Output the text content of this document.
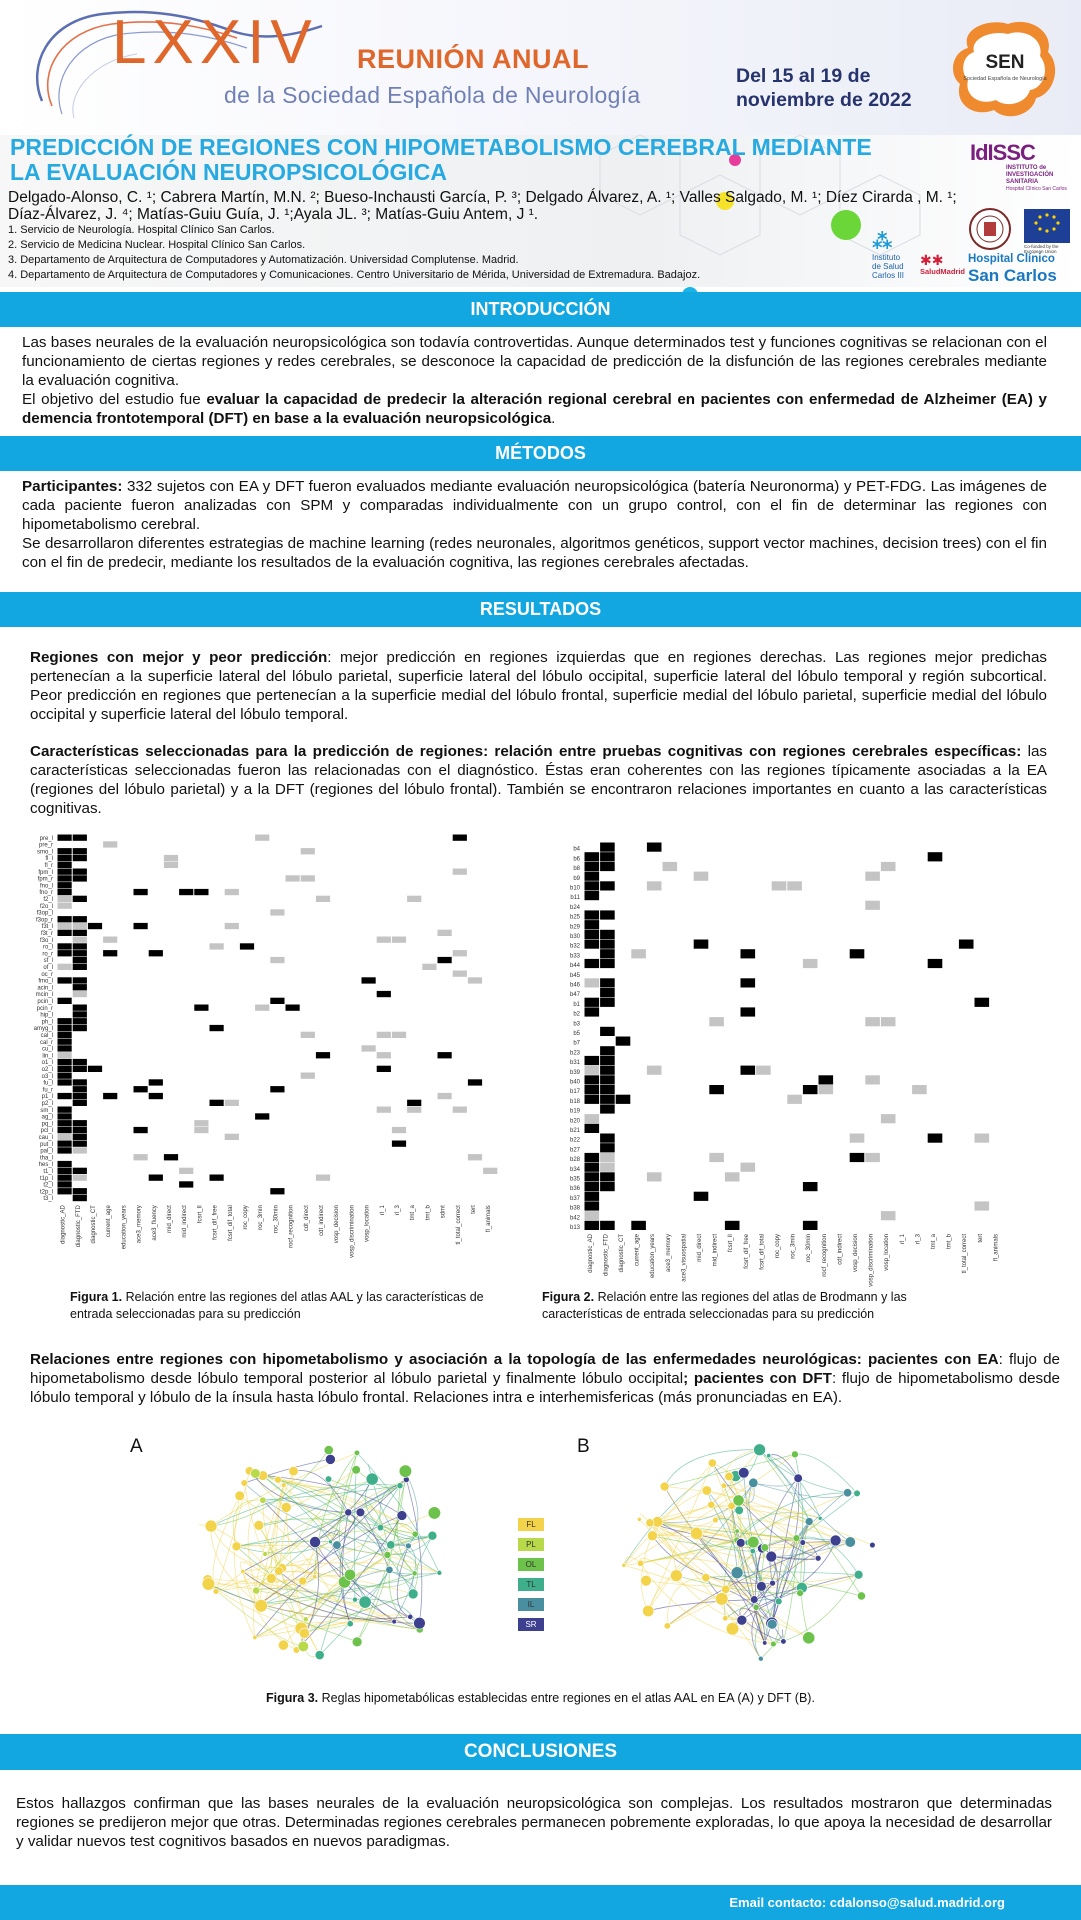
LXXIV REUNIÓN ANUAL
de la Sociedad Española de Neurología
Del 15 al 19 de
noviembre de 2022
SEN
Sociedad Española de Neurología
PREDICCIÓN DE REGIONES CON HIPOMETABOLISMO CEREBRAL MEDIANTE
LA EVALUACIÓN NEUROPSICOLÓGICA
Delgado-Alonso, C. ¹; Cabrera Martín, M.N. ²; Bueso-Inchausti García, P. ³; Delgado Álvarez, A. ¹; Valles Salgado, M. ¹; Díez Cirarda , M. ¹; Díaz-Álvarez, J. ⁴; Matías-Guiu Guía, J. ¹;Ayala JL. ³; Matías-Guiu Antem, J ¹.
1. Servicio de Neurología. Hospital Clínico San Carlos.
2. Servicio de Medicina Nuclear. Hospital Clínico San Carlos.
3. Departamento de Arquitectura de Computadores y Automatización. Universidad Complutense. Madrid.
4. Departamento de Arquitectura de Computadores y Comunicaciones. Centro Universitario de Mérida, Universidad de Extremadura. Badajoz.
IdISSC
INSTITUTO de
INVESTIGACIÓN SANITARIA
Hospital Clínico San Carlos
Co-funded by the European Union
⁂
Instituto
de Salud
Carlos III
✱✱
SaludMadrid
Hospital Clínico
San Carlos
INTRODUCCIÓN

Las bases neurales de la evaluación neuropsicológica son todavía controvertidas. Aunque determinados test y funciones cognitivas se relacionan con el funcionamiento de ciertas regiones y redes cerebrales, se desconoce la capacidad de predicción de la disfunción de las regiones cerebrales mediante la evaluación cognitiva.

El objetivo del estudio fue evaluar la capacidad de predecir la alteración regional cerebral en pacientes con enfermedad de Alzheimer (EA) y demencia frontotemporal (DFT) en base a la evaluación neuropsicológica.

MÉTODOS

Participantes: 332 sujetos con EA y DFT fueron evaluados mediante evaluación neuropsicológica (batería Neuronorma) y PET-FDG. Las imágenes de cada paciente fueron analizadas con SPM y comparadas individualmente con un grupo control, con el fin de determinar las regiones con hipometabolismo cerebral.

Se desarrollaron diferentes estrategias de machine learning (redes neuronales, algoritmos genéticos, support vector machines, decision trees) con el fin con el fin de predecir, mediante los resultados de la evaluación cognitiva, las regiones cerebrales afectadas.

RESULTADOS
Regiones con mejor y peor predicción: mejor predicción en regiones izquierdas que en regiones derechas. Las regiones mejor predichas pertenecían a la superficie lateral del lóbulo parietal, superficie lateral del lóbulo occipital, superficie lateral del lóbulo temporal y región subcortical. Peor predicción en regiones que pertenecían a la superficie medial del lóbulo frontal, superficie medial del lóbulo parietal, superficie medial del lóbulo occipital y superficie lateral del lóbulo temporal.
Características seleccionadas para la predicción de regiones: relación entre pruebas cognitivas con regiones cerebrales específicas: las características seleccionadas fueron las relacionadas con el diagnóstico. Éstas eran coherentes con las regiones típicamente asociadas a la EA (regiones del lóbulo parietal) y a la DFT (regiones del lóbulo frontal). También se encontraron relaciones importantes en cuanto a las características cognitivas.
pre_l
pre_r
smo_l
fl_l
fl_r
fpm_l
fpm_r
fno_l
fno_r
f2_l
f2o_l
f3op_l
f3op_r
f3t_l
f3t_r
f3o_l
ro_l
ro_r
sf_l
of_l
oc_r
fmo_l
acin_l
mcin_l
pcin_l
pcin_r
hip_l
ph_l
amyg_l
cal_l
cal_r
cu_l
lin_l
o1_l
o2_l
o3_l
fu_l
fu_r
p1_l
p2_l
sm_l
ag_l
pq_l
pcl_l
cau_l
put_l
pal_l
tha_l
hes_l
t1_l
t1p_l
t2_l
t2p_l
t3_l
diagnostic_AD diagnostic_FTD diagnostic_CT current_age education_years ace3_memory ace3_fluency mid_direct mid_indirect fcsrt_II fcsrt_dif_free fcsrt_dif_total roc_copy roc_3min roc_30min rocf_recognition cdt_direct cdt_indirect vosp_decision vosp_discrimination vosp_location rl_1 rl_3 tmt_a tmt_b sdmt tl_total_correct tert fl_animals
b4
b6
b8
b9
b10
b11
b24
b25
b29
b30
b32
b33
b44
b45
b46
b47
b1
b2
b3
b5
b7
b23
b31
b39
b40
b17
b18
b19
b20
b21
b22
b27
b28
b34
b35
b36
b37
b38
b42
b13
diagnostic_AD diagnostic_FTD diagnostic_CT current_age education_years ace3_memory ace3_visuospatial mid_direct mid_indirect fcsrt_II fcsrt_dif_free fcsrt_dif_total roc_copy roc_3min roc_30min rocf_recognition cdt_indirect vosp_decision vosp_discrimination vosp_location rl_1 rl_3 tmt_a tmt_b tl_total_correct tert fl_animals
Figura 1. Relación entre las regiones del atlas AAL y las características de entrada seleccionadas para su predicción
Figura 2. Relación entre las regiones del atlas de Brodmann y las características de entrada seleccionadas para su predicción
Relaciones entre regiones con hipometabolismo y asociación a la topología de las enfermedades neurológicas: pacientes con EA: flujo de hipometabolismo desde lóbulo temporal posterior al lóbulo parietal y finalmente lóbulo occipital; pacientes con DFT: flujo de hipometabolismo desde lóbulo temporal y lóbulo de la ínsula hasta lóbulo frontal. Relaciones intra e interhemisfericas (más pronunciadas en EA).
A	B
FL
PL
OL
TL
IL
SR
Figura 3. Reglas hipometabólicas establecidas entre regiones en el atlas AAL en EA (A) y DFT (B).
CONCLUSIONES
Estos hallazgos confirman que las bases neurales de la evaluación neuropsicológica son complejas. Los resultados mostraron que determinadas regiones se predijeron mejor que otras. Determinadas regiones cerebrales permanecen pobremente exploradas, lo que apoya la necesidad de desarrollar y validar nuevos test cognitivos basados en nuevos paradigmas.
Email contacto: cdalonso@salud.madrid.org
